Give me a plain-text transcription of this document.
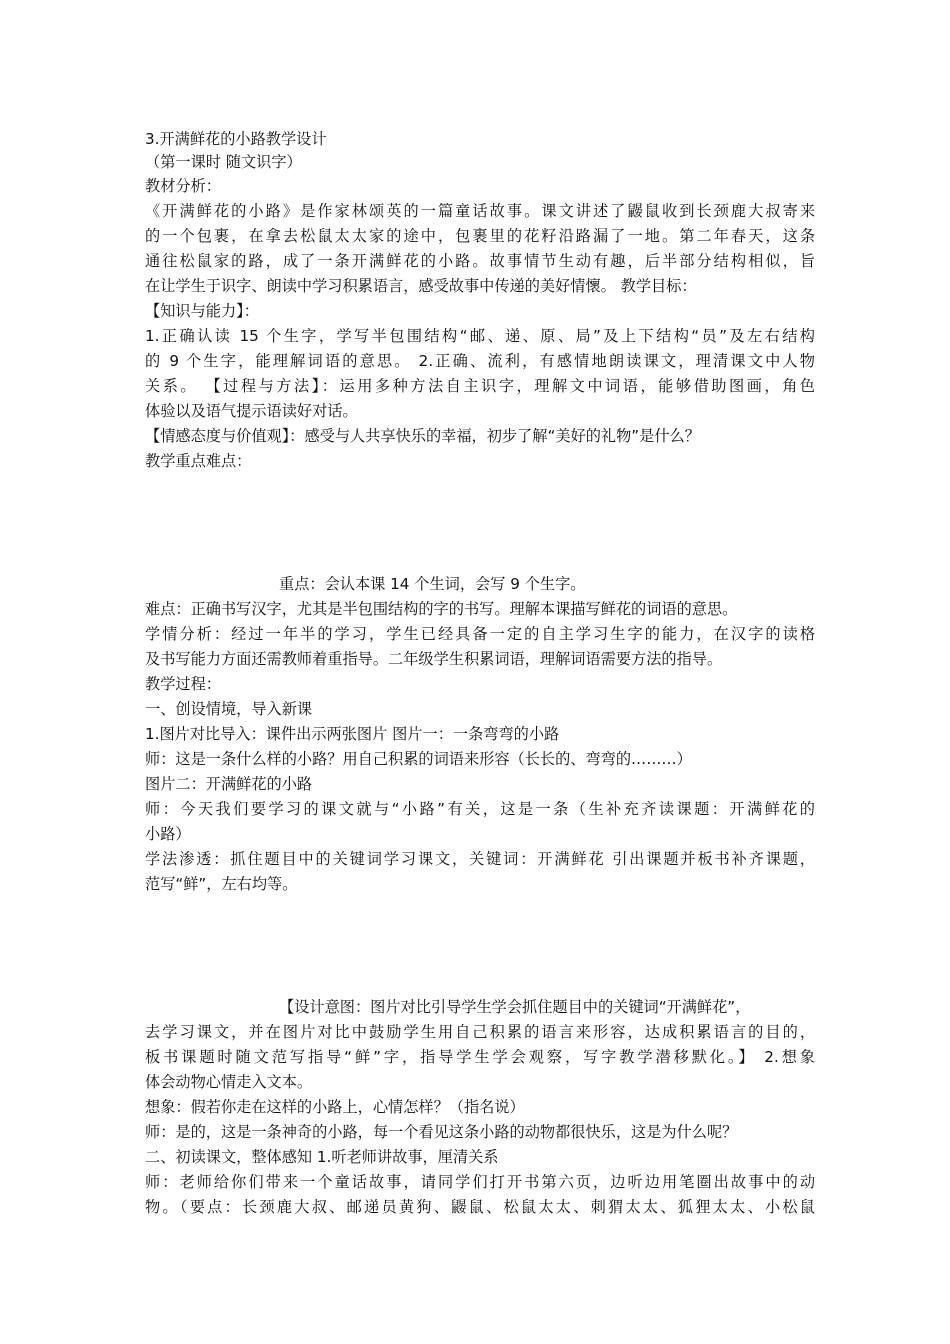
3.开满鲜花的小路教学设计
（第一课时 随文识字）
教材分析：
《开满鲜花的小路》是作家林颂英的一篇童话故事。课文讲述了鼹鼠收到长颈鹿大叔寄来
的一个包裹，在拿去松鼠太太家的途中，包裹里的花籽沿路漏了一地。第二年春天，这条
通往松鼠家的路，成了一条开满鲜花的小路。故事情节生动有趣，后半部分结构相似，旨
在让学生于识字、朗读中学习积累语言，感受故事中传递的美好情懷。 教学目标：
【知识与能力】：
1.正确认读 15 个生字，学写半包围结构“邮、递、原、局”及上下结构“员”及左右结构
的 9 个生字，能理解词语的意思。 2.正确、流利，有感情地朗读课文，理清课文中人物
关系。 【过程与方法】：运用多种方法自主识字，理解文中词语，能够借助图画，角色
体验以及语气提示语读好对话。
【情感态度与价值观】：感受与人共享快乐的幸福，初步了解“美好的礼物”是什么？
教学重点难点：
重点：会认本课 14 个生词，会写 9 个生字。
难点：正确书写汉字，尤其是半包围结构的字的书写。理解本课描写鲜花的词语的意思。
学情分析：经过一年半的学习，学生已经具备一定的自主学习生字的能力，在汉字的读格
及书写能力方面还需教师着重指导。二年级学生积累词语，理解词语需要方法的指导。
教学过程：
一、创设情境，导入新课
1.图片对比导入：课件出示两张图片 图片一：一条弯弯的小路
师：这是一条什么样的小路？用自己积累的词语来形容（长长的、弯弯的………）
图片二：开满鲜花的小路
师：今天我们要学习的课文就与“小路”有关，这是一条（生补充齐读课题：开满鲜花的
小路）
学法渗透：抓住题目中的关键词学习课文，关键词：开满鲜花 引出课题并板书补齐课题，
范写“鲜”，左右均等。
【设计意图：图片对比引导学生学会抓住题目中的关键词“开满鲜花”，
去学习课文，并在图片对比中鼓励学生用自己积累的语言来形容，达成积累语言的目的，
板书课题时随文范写指导“鲜”字，指导学生学会观察，写字教学潜移默化。】 2.想象
体会动物心情走入文本。
想象：假若你走在这样的小路上，心情怎样？（指名说）
师：是的，这是一条神奇的小路，每一个看见这条小路的动物都很快乐，这是为什么呢？
二、初读课文，整体感知 1.听老师讲故事，厘清关系
师：老师给你们带来一个童话故事，请同学们打开书第六页，边听边用笔圈出故事中的动
物。（要点：长颈鹿大叔、邮递员黄狗、鼹鼠、松鼠太太、刺猬太太、狐狸太太、小松鼠
